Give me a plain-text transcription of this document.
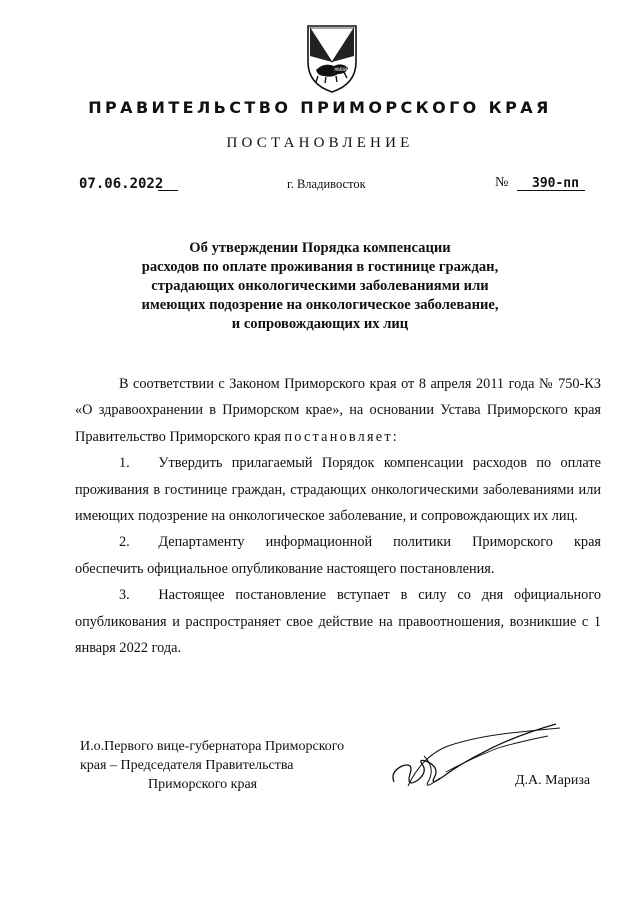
ЖИВИ
ПРАВИТЕЛЬСТВО ПРИМОРСКОГО КРАЯ
ПОСТАНОВЛЕНИЕ
07.06.2022	г. Владивосток	№ 390-пп
Об утверждении Порядка компенсации
расходов по оплате проживания в гостинице граждан,
страдающих онкологическими заболеваниями или
имеющих подозрение на онкологическое заболевание,
и сопровождающих их лиц

В соответствии с Законом Приморского края от 8 апреля 2011 года № 750-КЗ «О здравоохранении в Приморском крае», на основании Устава Приморского края Правительство Приморского края постановляет:

1.   Утвердить прилагаемый Порядок компенсации расходов по оплате проживания в гостинице граждан, страдающих онкологическими заболеваниями или имеющих подозрение на онкологическое заболевание, и сопровождающих их лиц.

2.   Департаменту информационной политики Приморского края обеспечить официальное опубликование настоящего постановления.

3.   Настоящее постановление вступает в силу со дня официального опубликования и распространяет свое действие на правоотношения, возникшие с 1 января 2022 года.

И.о.Первого вице-губернатора Приморского
края – Председателя Правительства
Приморского края	Д.А. Мариза
